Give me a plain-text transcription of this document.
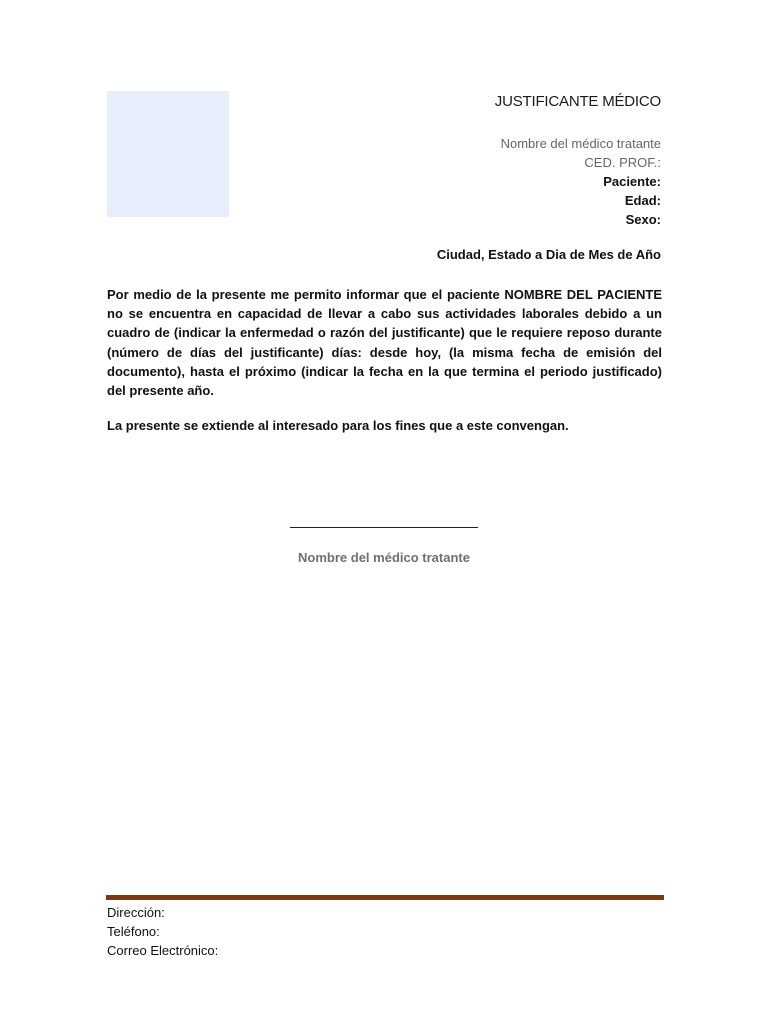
JUSTIFICANTE MÉDICO
Nombre del médico tratante
CED. PROF.:
Paciente:
Edad:
Sexo:
Ciudad, Estado a Dia de Mes de Año
Por medio de la presente me permito informar que el paciente NOMBRE DEL PACIENTE no se encuentra en capacidad de llevar a cabo sus actividades laborales debido a un cuadro de (indicar la enfermedad o razón del justificante) que le requiere reposo durante (número de días del justificante) días: desde hoy, (la misma fecha de emisión del documento), hasta el próximo (indicar la fecha en la que termina el periodo justificado) del presente año.
La presente se extiende al interesado para los fines que a este convengan.
Nombre del médico tratante
Dirección:
Teléfono:
Correo Electrónico:
